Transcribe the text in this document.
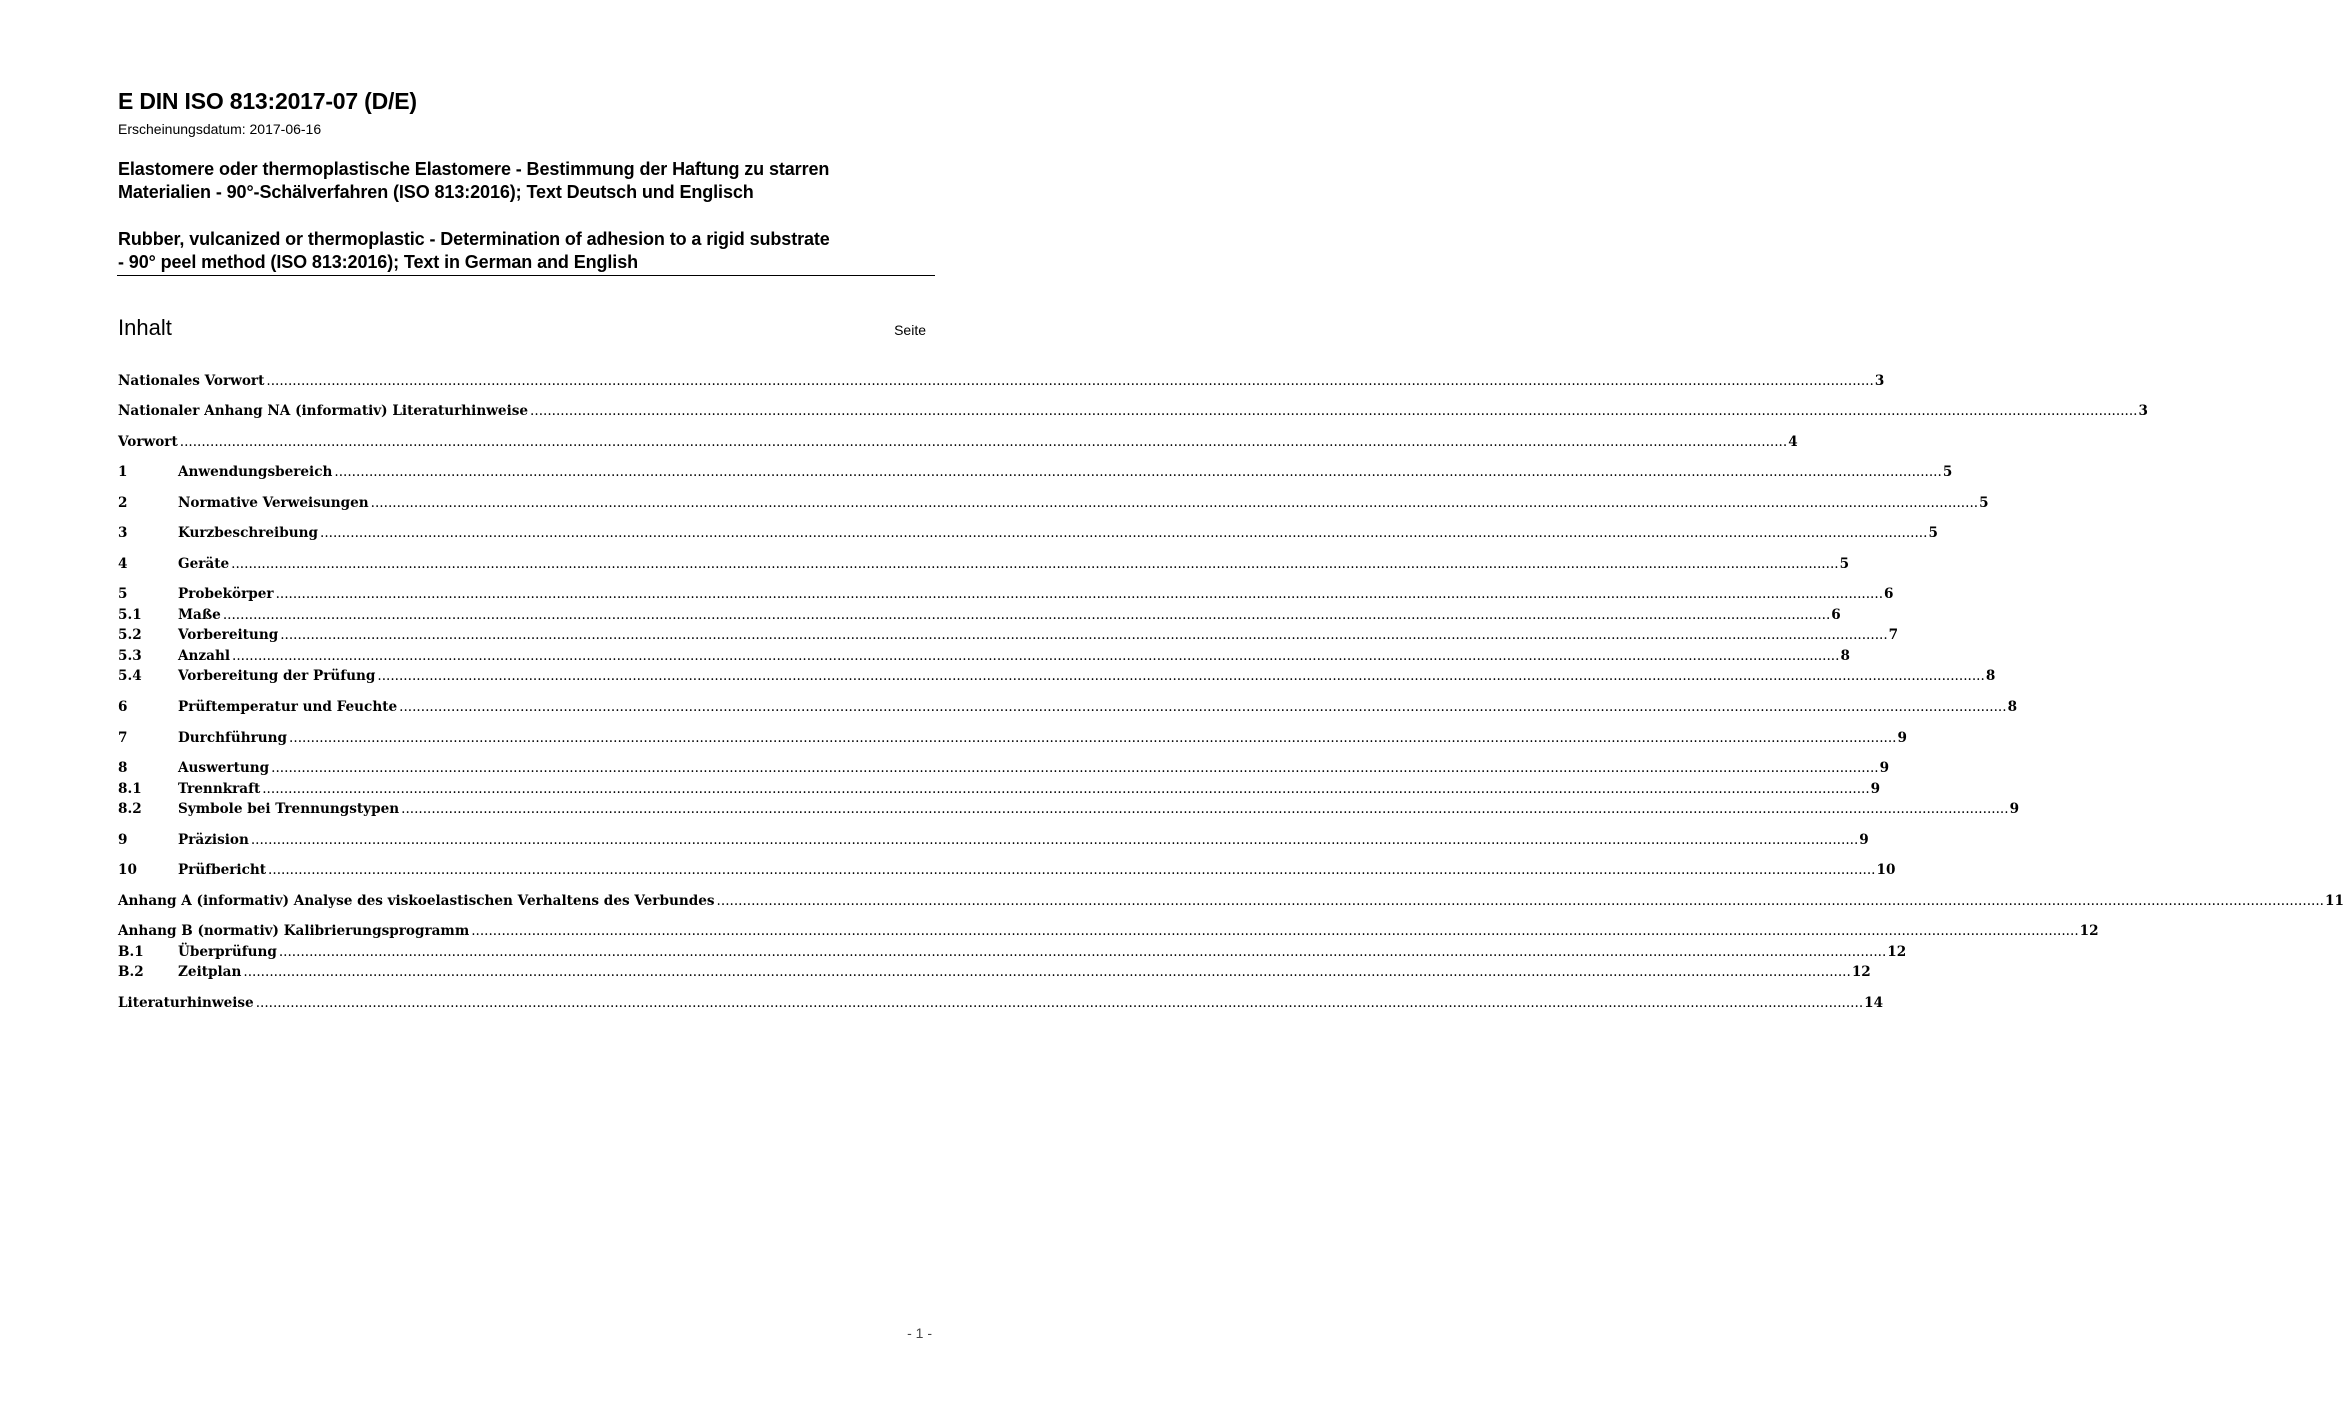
E DIN ISO 813:2017-07 (D/E)
Erscheinungsdatum: 2017-06-16
Elastomere oder thermoplastische Elastomere - Bestimmung der Haftung zu starren
Materialien - 90°-Schälverfahren (ISO 813:2016); Text Deutsch und Englisch
Rubber, vulcanized or thermoplastic - Determination of adhesion to a rigid substrate
- 90° peel method (ISO 813:2016); Text in German and English
Inhalt	Seite
Nationales Vorwort .................................................................................................................................................................................................................................................................................................................................................................................... 3
Nationaler Anhang NA (informativ) Literaturhinweise .................................................................................................................................................................................................................................................................................................................................................................................... 3
Vorwort .................................................................................................................................................................................................................................................................................................................................................................................... 4
1	Anwendungsbereich .................................................................................................................................................................................................................................................................................................................................................................................... 5
2	Normative Verweisungen .................................................................................................................................................................................................................................................................................................................................................................................... 5
3	Kurzbeschreibung .................................................................................................................................................................................................................................................................................................................................................................................... 5
4	Geräte .................................................................................................................................................................................................................................................................................................................................................................................... 5
5	Probekörper .................................................................................................................................................................................................................................................................................................................................................................................... 6
5.1	Maße .................................................................................................................................................................................................................................................................................................................................................................................... 6
5.2	Vorbereitung .................................................................................................................................................................................................................................................................................................................................................................................... 7
5.3	Anzahl .................................................................................................................................................................................................................................................................................................................................................................................... 8
5.4	Vorbereitung der Prüfung .................................................................................................................................................................................................................................................................................................................................................................................... 8
6	Prüftemperatur und Feuchte .................................................................................................................................................................................................................................................................................................................................................................................... 8
7	Durchführung .................................................................................................................................................................................................................................................................................................................................................................................... 9
8	Auswertung .................................................................................................................................................................................................................................................................................................................................................................................... 9
8.1	Trennkraft .................................................................................................................................................................................................................................................................................................................................................................................... 9
8.2	Symbole bei Trennungstypen .................................................................................................................................................................................................................................................................................................................................................................................... 9
9	Präzision .................................................................................................................................................................................................................................................................................................................................................................................... 9
10	Prüfbericht .................................................................................................................................................................................................................................................................................................................................................................................... 10
Anhang A (informativ) Analyse des viskoelastischen Verhaltens des Verbundes .................................................................................................................................................................................................................................................................................................................................................................................... 11
Anhang B (normativ) Kalibrierungsprogramm .................................................................................................................................................................................................................................................................................................................................................................................... 12
B.1	Überprüfung .................................................................................................................................................................................................................................................................................................................................................................................... 12
B.2	Zeitplan .................................................................................................................................................................................................................................................................................................................................................................................... 12
Literaturhinweise .................................................................................................................................................................................................................................................................................................................................................................................... 14
- 1 -
